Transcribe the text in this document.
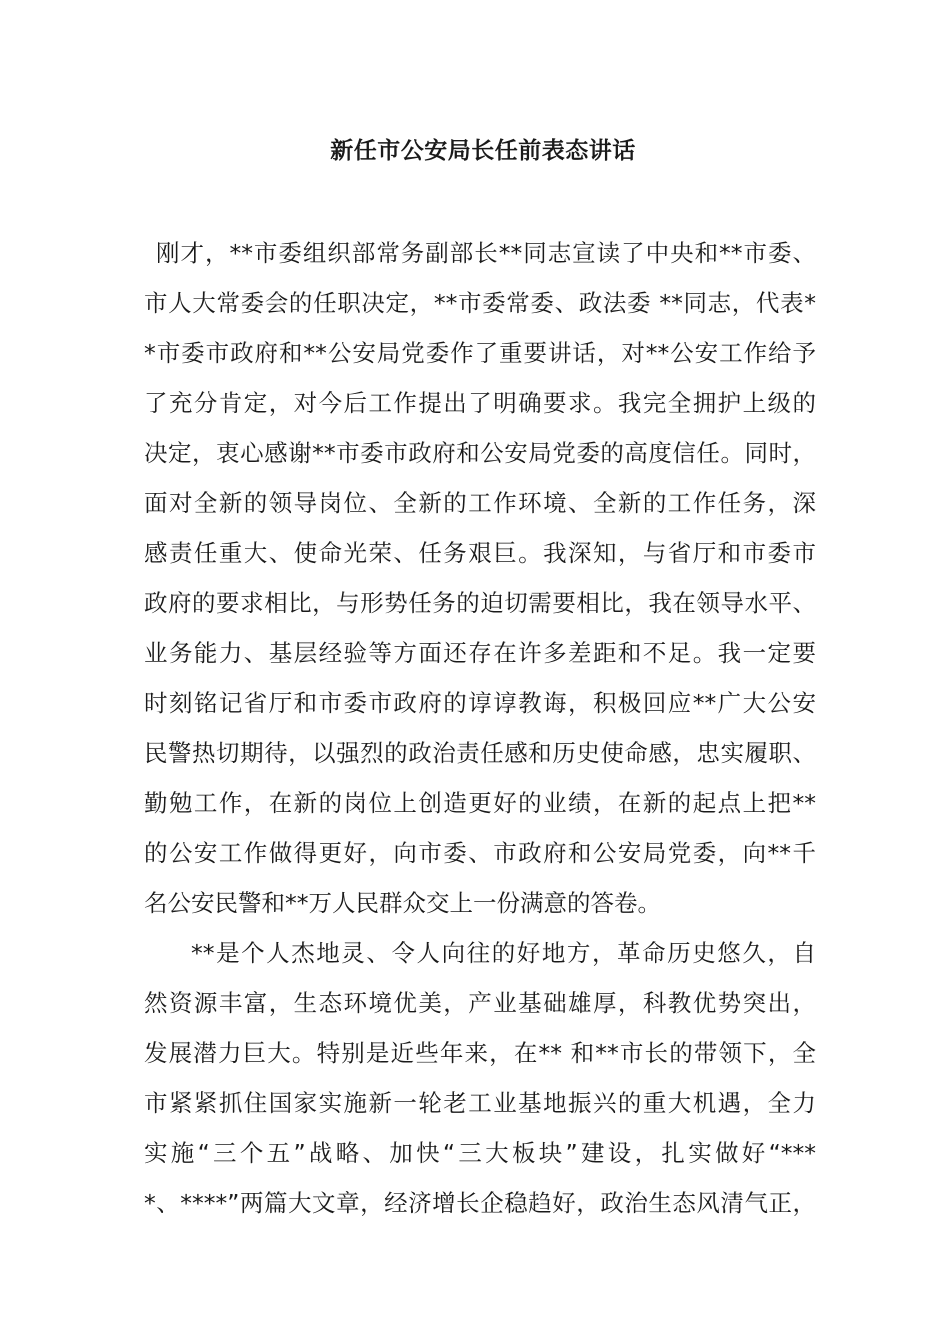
新任市公安局长任前表态讲话
刚才，**市委组织部常务副部长**同志宣读了中央和**市委、
市人大常委会的任职决定，**市委常委、政法委 **同志，代表*
*市委市政府和**公安局党委作了重要讲话，对**公安工作给予
了充分肯定，对今后工作提出了明确要求。我完全拥护上级的
决定，衷心感谢**市委市政府和公安局党委的高度信任。同时，
面对全新的领导岗位、全新的工作环境、全新的工作任务，深
感责任重大、使命光荣、任务艰巨。我深知，与省厅和市委市
政府的要求相比，与形势任务的迫切需要相比，我在领导水平、
业务能力、基层经验等方面还存在许多差距和不足。我一定要
时刻铭记省厅和市委市政府的谆谆教诲，积极回应**广大公安
民警热切期待，以强烈的政治责任感和历史使命感，忠实履职、
勤勉工作，在新的岗位上创造更好的业绩，在新的起点上把**
的公安工作做得更好，向市委、市政府和公安局党委，向**千
名公安民警和**万人民群众交上一份满意的答卷。
**是个人杰地灵、令人向往的好地方，革命历史悠久，自
然资源丰富，生态环境优美，产业基础雄厚，科教优势突出，
发展潜力巨大。特别是近些年来，在** 和**市长的带领下，全
市紧紧抓住国家实施新一轮老工业基地振兴的重大机遇，全力
实施“三个五”战略、加快“三大板块”建设，扎实做好“***
*、****”两篇大文章，经济增长企稳趋好，政治生态风清气正，
